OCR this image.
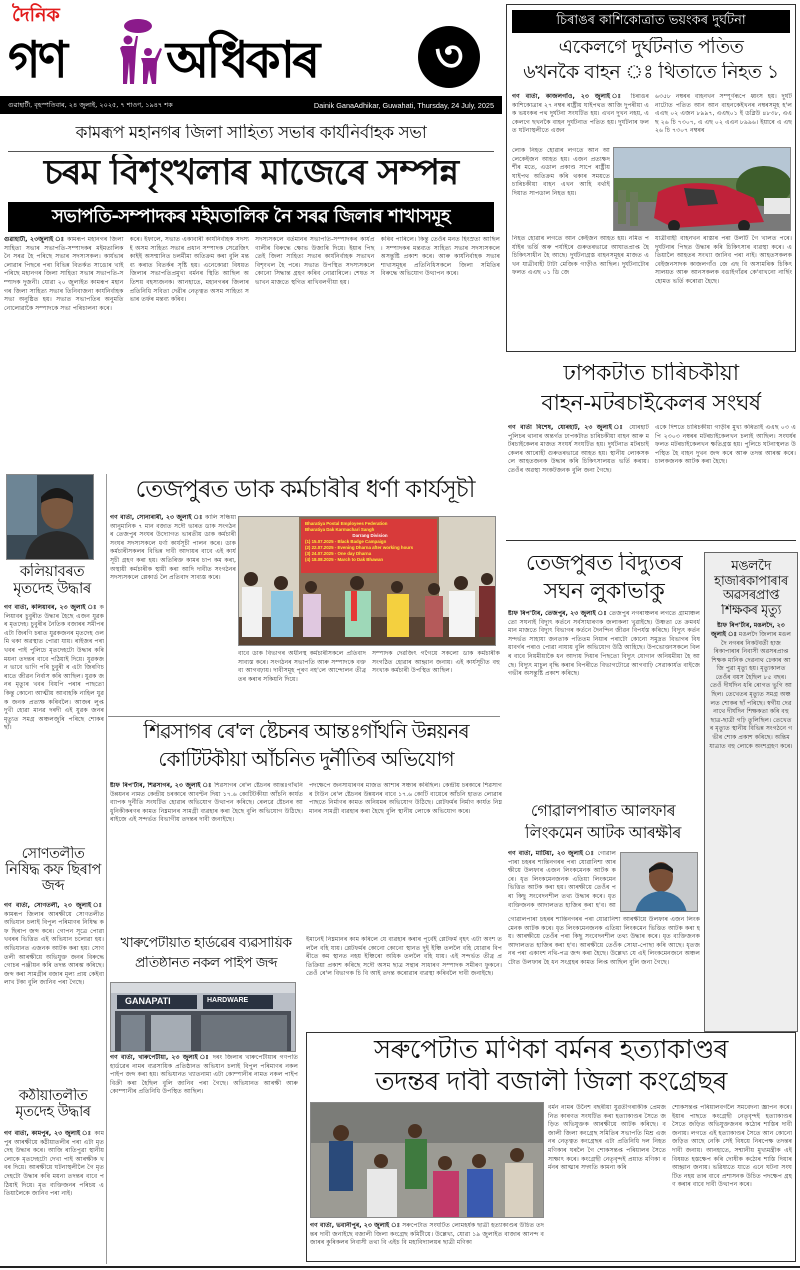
দৈনিক
গণ অধিকাৰ	৩
গুৱাহাটী, বৃহস্পতিবাৰ, ২৪ জুলাই, ২০২৫, ৭ শাওণ, ১৯৪৭ শক	Dainik GanaAdhikar, Guwahati, Thursday, 24 July, 2025
কামৰূপ মহানগৰ জিলা সাহিত্য সভাৰ কাৰ্যনিৰ্বাহক সভা
চৰম বিশৃংখলাৰ মাজেৰে সম্পন্ন
সভাপতি-সম্পাদকৰ মইমতালিক নৈ সৰৱ জিলাৰ শাখাসমূহ
গুৱাহাটী, ২৩জুলাই ঃ কামৰূপ মহানগৰ জিলা সাহিত্য সভাৰ সভাপতি-সম্পাদকৰ মইমতালিক নৈ সৰৱ হৈ পৰিছে সভাৰ সদস্যসকল। কাৰ্যভাৰ লোৱাৰ পিছৰে পৰা বিভিন্ন বিতৰ্কত সাঙোৰ খাই পৰিছে মহানগৰ জিলা সাহিত্য সভাৰ সভাপতি-সম্পাদক দুজনী। যোৱা ২০ জুলাইত কামৰূপ মহানগৰ জিলা সাহিত্য সভাৰ তিনিবাজনা কাৰ্যনিৰ্বাহক সভা অনুষ্ঠিত হয়। সভাত সভাপতিৰ অনুমতি নোলোৱাকৈ সম্পাদকে সভা পৰিচালনা কৰে।
কৰে। ইফালে, সভাত একাবাৰী কাৰ্যনিৰ্বাহক সদস্যই অসম সাহিত্য সভাৰ প্ৰধান সম্পাদক সেৱেজিৎ কাইই অসম্মানিত চলৰ্মীমা অতিক্ৰম কৰা বুলি মন্তব্য কৰাত বিতৰ্কৰ সৃষ্টি হয়। এনেকোৱা বিষয়ত জিলাৰ সভাপতিপ্ৰমুখ্য বৰ্মনৰ স্থিতি আছিল অতিশয় বহস্যজনক। আনহাতে, মহানগৰৰ জিলাৰ প্ৰতিনিধি সবিতা দেৱীৰ নেতৃত্বত অসম সাহিত্য সভাৰ তৰ্ফৰ মন্তব্য কৰিব।
সদস্যসকলে বৰ্তমানৰ সভাপতি-সম্পাদকৰ কাৰ্যপ্ৰণালীৰ বিৰুদ্ধে ক্ষোভ উজাৰি দিয়ে। ইয়াৰ পিছতেই জিলা সাহিত্য সভাৰ কাৰ্যনিৰ্বাহক সভাখন বিশৃংখল হৈ পৰে। সভাত উপস্থিত সদস্যসকলে কোনো সিদ্ধান্ত গ্ৰহণ কৰিব নোৱাৰিলে। শেষত সভাখন মাজতে স্থগিত ৰাখিবলগীয়া হয়।
কৰিব পাৰিলে। কিন্তু তেওঁৰ মনত হিংস্ৰতা আছিল। সম্পাদকৰ মন্তব্যত সাহিত্য সভাৰ সদস্যসকলে অসন্তুষ্টি প্ৰকাশ কৰে। আৰু কাৰ্যনিৰ্বাহক সভাৰ শাখাসমূহৰ প্ৰতিনিধিসকলে জিলা সমিতিৰ বিৰুদ্ধে অভিযোগ উত্থাপন কৰে।
কলিয়াবৰত মৃতদেহ উদ্ধাৰ
গণ বাৰ্তা, কলিয়াবৰ, ২৩ জুলাই ঃ কলিয়াবৰ চুবুৰীত উদ্ধাৰ হৈছে এজন যুৱকৰ মৃতদেহ। চুবুৰীৰ নৈতিক বজাৰৰ সমীপৰ এটা জিৰণি চৰাত যুৱকজনৰ মৃতদেহ ওলমি থকা অৱস্থাত পোৱা যায়। ৰাইজৰ পৰা খবৰ পাই পুলিচে মৃতদেহটো উদ্ধাৰ কৰি ময়না তদন্তৰ বাবে পঠিয়াই দিয়ে। যুৱকজন ভাবে ভাগি পৰি চুবুৰী ৰ এটা জিৰণিচৰাতে জীৱন নিৰ্বাস কৰি আছিল। যুৱক জনৰ মৃত্যুৰ খবৰ বিয়পি পৰাৰ পাছতো কিন্তু কোনো আত্মীয় আবাহকি নাহিল যুৱক জনক প্ৰত্যক্ষ কৰিবলৈ। আজৰ লুপ্ত দুখী হোৱা মানৱ দৰদী এই যুৱক জনৰ মৃত্যুত সমগ্ৰ অঞ্চলজুৰি পৰিছে শোকৰ ছাঁ।
সোণতলীত নিষিদ্ধ কফ ছিৰাপ জব্দ
গণ বাৰ্তা, সোণতলী, ২৩ জুলাই ঃ কামৰূপ জিলাৰ আৰক্ষীয়ে সোণতলীত অভিযান চলাই বিপুল পৰিমাণৰ নিষিদ্ধ কফ ছিৰাপ জব্দ কৰে। গোপন সূত্ৰে পোৱা খবৰৰ ভিত্তিত এই অভিযান চলোৱা হয়। অভিযানত এজনক আটক কৰা হয়। সোণতলী আৰক্ষীয়ে অভিযুক্ত জনৰ বিৰুদ্ধে গোচৰ পঞ্জীয়ন কৰি তদন্ত আৰম্ভ কৰিছে। জব্দ কৰা সামগ্ৰীৰ বজাৰ মূল্য প্ৰায় কেইবা লাখ টকা বুলি জানিব পৰা গৈছে।
কঠীয়াতলীত মৃতদেহ উদ্ধাৰ
গণ বাৰ্তা, কামপুৰ, ২৩ জুলাই ঃ কামপুৰ আৰক্ষীয়ে কঠীয়াতলীৰ পৰা এটা মৃতদেহ উদ্ধাৰ কৰে। আজি ৰাতিপুৱা স্থানীয় লোকে মৃতদেহটো দেখা পাই আৰক্ষীক খবৰ দিয়ে। আৰক্ষীয়ে ঘটনাস্থলীলৈ গৈ মৃতদেহটো উদ্ধাৰ কৰি ময়না তদন্তৰ বাবে পঠিয়াই দিয়ে। মৃত ব্যক্তিজনৰ পৰিচয় এতিয়ালৈকে জানিব পৰা নাই।
তেজপুৰত ডাক কৰ্মচাৰীৰ ধৰ্ণা কাৰ্যসূচী
গণ বাৰ্তা, সোনাৰাৰী, ২৩ জুলাই ঃ কালি সন্ধিয়া আনুমানিক ৭ মান বজাত সদৌ ভাৰত ডাক সংগঠনৰ তেজপুৰ সংঘৰ উদ্যোগত ভাৰতীয় ডাক কৰ্মচাৰী সংঘৰ সদস্যসকলে ধৰ্ণা কাৰ্যসূচী পালন কৰে। ডাক কৰ্মচাৰীসকলৰ বিভিন্ন দাবী আদায়ৰ বাবে এই কাৰ্যসূচী গ্ৰহণ কৰা হয়। অতিৰিক্ত কামৰ চাপ কম কৰা, অস্থায়ী কৰ্মচাৰীক স্থায়ী কৰা আদি দাবীত সংগঠনৰ সদস্যসকলে প্লেকাৰ্ড লৈ প্ৰতিবাদ সাব্যস্ত কৰে।
Bharatiya Postal Employees Federation
Bharatiya Dak Karmachari Sangh
Darrang Division
(1) 15.07.2025 - Black Badge Campaign
(2) 22.07.2025 - Evening Dharna after working hours
(3) 24.07.2025 - One day Dharna
(4) 18.08.2025 - March to Dak Bhawan
বাবে ডাক বিভাগৰ অধীনস্থ কৰ্মচাৰীসকলে প্ৰতিবাদ সাব্যস্ত কৰে। সংগঠনৰ সভাপতি আৰু সম্পাদকে বক্তব্য আগবঢ়ায়। দাবীসমূহ পূৰণ নহ'লে আন্দোলন তীব্ৰতৰ কৰাৰ সকিয়নি দিয়ে।
সম্পাদক দেৱজিৎ গগৈয়ে সকলো ডাক কৰ্মচাৰীক সংগঠিত হোৱাৰ আহ্বান জনায়। এই কাৰ্যসূচীত বহু সংখ্যক কৰ্মচাৰী উপস্থিত আছিল।
শিৱসাগৰ ৰে'ল ষ্টেচনৰ আন্তঃগাঁথনি উন্নয়নৰ
কোটিটকীয়া আঁচনিত দুৰ্নীতিৰ অভিযোগ
ষ্টাফ ৰিপ'ৰ্টাৰ, শিৱসাগৰ, ২৩ জুলাই ঃ শিৱসাগৰ ৰে'ল ষ্টেচনৰ আন্তঃগাঁথনি উন্নয়নৰ নামত কেন্দ্ৰীয় চৰকাৰে আবণ্টন দিয়া ১৭.৬ কোটিটকীয়া আঁচনি কাৰ্যত ব্যাপক দুৰ্নীতি সংঘটিত হোৱাৰ অভিযোগ উত্থাপন কৰিছে। ৰেলৱে ষ্টেচনৰ আধুনিকীকৰণৰ কামত নিম্নমানৰ সামগ্ৰী ব্যৱহাৰ কৰা হৈছে বুলি অভিযোগ উঠিছে। ৰাইজে এই সন্দৰ্ভত বিভাগীয় তদন্তৰ দাবী জনাইছে।
পদক্ষেপে জনসাধাৰণৰ মাজত আশাৰ সঞ্চাৰ কৰিছিল। কেন্দ্ৰীয় চৰকাৰে শিৱসাগৰ টাউন ৰে'ল ষ্টেচনৰ উন্নয়নৰ বাবে ১৭.৬ কোটি ব্যয়েৰে আঁচনি হাতত লোৱাৰ পাছতে নিৰ্মাণৰ কামত অনিয়মৰ অভিযোগ উঠিছে। প্লেটফৰ্মৰ নিৰ্মাণ কাৰ্যত নিম্নমানৰ সামগ্ৰী ব্যৱহাৰ কৰা হৈছে বুলি স্থানীয় লোকে অভিযোগ কৰে।
খাৰুপেটীয়াত হাৰ্ডৱেৰ ব্যৱসায়িক
প্ৰতিষ্ঠানত নকল পাইপ জব্দ
GANAPATI	HARDWARE
গণ বাৰ্তা, খাৰুপেটীয়া, ২৩ জুলাই ঃ দৰং জিলাৰ খাৰুপেটীয়াৰ গণপতি হাৰ্ডৱেৰ নামৰ ব্যৱসায়িক প্ৰতিষ্ঠানত অভিযান চলাই বিপুল পৰিমাণৰ নকল পাইপ জব্দ কৰা হয়। অভিযানত খ্যাতনামা এটা কোম্পানীৰ নামত নকল পাইপ বিক্ৰী কৰা হৈছিল বুলি জানিব পৰা গৈছে। অভিযানত আৰক্ষী আৰু কোম্পানীৰ প্ৰতিনিধি উপস্থিত আছিল।
ইমানেই নিম্নমানৰ কাম কৰিলে যে ব্যৱহাৰ কৰাৰ পূৰ্বেই প্লেটফৰ্ম বৃহৎ এটা অংশ তললৈ বহি যায়। প্লেটফৰ্মৰ কোনো কোনো স্থানত দুই ইঞ্চি তললৈ বহি যোৱাৰ বিপৰীতে কম স্থানত নহয় ইঞ্চিৰো অধিক তললৈ বহি যায়। এই সন্দৰ্ভত তীব্ৰ প্ৰতিক্ৰিয়া প্ৰকাশ কৰিছে সদৌ অসম ছাত্ৰ সন্থাৰ সাধাৰণ সম্পাদক সমীৰণ ফুকনে। তেওঁ ৰে'ল বিভাগক চি বি আই তদন্ত কৰোৱাৰ ব্যৱস্থা কৰিবলৈ দাবী জনাইছে।
চিৰাঙৰ কাশিকোত্ৰাত ভয়ংকৰ দুৰ্ঘটনা
একেলগে দুৰ্ঘটনাত পতিত
৬খনকৈ বাহন ঃ থিতাতে নিহত ১
গণ বাৰ্তা, কাজলগাঁও, ২৩ জুলাই ঃ চিৰাঙৰ কাশিকোত্ৰাৰ ২৭ নম্বৰ ৰাষ্ট্ৰীয় ঘাইপথত আজি দুপৰীয়া এক ভয়ংকৰ পথ দুৰ্ঘটনা সংঘটিত হয়। এখন দুখন নহয়, একেলগে ছখনকৈ বাহন দুৰ্ঘটনাত পতিত হয়। দুৰ্ঘটনাৰ ফলত ঘটনাস্থলীতে এজন
৬৩৫৮ নম্বৰৰ বাহনখন সম্পূৰ্ণৰূপে ধ্বংস হয়। দুৰ্ঘটনাটোত পতিত আন আন বাহনকেইখনৰ নম্বৰসমূহ হ'ল এএছ ০২ এজন ৮৯৯৭, এএছ০১ ই ডব্লিউ ৪৮৩৮, এএছ ২৬ চি ৭৩০৭, এ এছ ০২ এএন ৮৯৯৬। ইয়াৰে এ এছ ২৬ চি ৭৩০৭ নম্বৰৰ
লোক নিহত হোৱাৰ লগতে আন আলেকেইজন আহত হয়। এজন প্ৰত্যক্ষদৰ্শীৰ মতে, এডাল প্ৰকাণ্ড সাপে ৰাষ্ট্ৰীয় ঘাইপথ অতিক্ৰম কৰি থকাৰ সময়তে চাৰিচকীয়া বাহন এখন আহি বৰ্থাই দিয়াত সাপডাল নিহত হয়।
নিহত হোৱাৰ লগতে আন কেইজন আহত হয়। নমিত পৰ্যাইৰ ভৰ্ত্তি অৰু পৰ্যাইৰে গুৰুতৰভাৱে আঘাতপ্ৰাপ্ত হৈ চিকিৎসাধীন হৈ আছে। দুৰ্ঘটনাগ্ৰস্ত বাহনসমূহৰ মাজত এখন যাত্ৰীবাহী টাটা মেজিক গাড়ীও আছিল। দুৰ্ঘটনাটোৰ ফলত এএছ ০১ ডি জে
যাত্ৰীবাহী বাহনখন ৰাস্তাৰ পৰা উলটি গৈ খালত পৰে। দুৰ্ঘটনাৰ পিছত উদ্ধাৰ কৰি চিকিৎসাৰ ব্যৱস্থা কৰে। এতিয়ালৈ আহতৰ সংখ্যা জানিব পৰা নাই। আহতসকলক বেইজনসাদক কাজলগাঁও জে এছ বি অসামৰিক চিকিৎসালয়ত আৰু আনসকলক বঙাইগাঁৱৰ কে'বাখনো নাৰ্ছিং হোমত ভৰ্তি কৰোৱা হৈছে।
ঢাপকটাত চাৰিচকীয়া
বাহন-মটৰচাইকেলৰ সংঘৰ্ষ
গণ বাৰ্তা বিশেষ, যোৰহাট, ২৩ জুলাই ঃ যোৰহাট পুলিচৰ থানাৰ অন্তৰ্গত ঢাপকটাত চাৰিচকীয়া বাহন আৰু মটৰচাইকেলৰ মাজত সংঘৰ্ষ সংঘটিত হয়। দুৰ্ঘটনাত মটৰচাইকেলৰ আৰোহী গুৰুতৰভাৱে আহত হয়। স্থানীয় লোকসকলে আহতজনক উদ্ধাৰ কৰি চিকিৎসালয়ত ভৰ্তি কৰায়। তেওঁৰ অৱস্থা সংকটজনক বুলি জনা গৈছে।
একে দিশতে চাৰিচকীয়া গাড়ীৰ মুখ্য কৰিতাই এএছ ০৩ এপি ২৩০৩ নম্বৰৰ মটৰচাইকেলখন চলাই আছিল। সংঘৰ্ষৰ ফলত মটৰচাইকেলখন ক্ষতিগ্ৰস্ত হয়। পুলিচে ঘটনাস্থলত উপস্থিত হৈ বাহন দুখন জব্দ কৰে আৰু তদন্ত আৰম্ভ কৰে। চালকজনক আটক কৰা হৈছে।
তেজপুৰত বিদ্যুতৰ
সঘন লুকাভাকু
ষ্টাফ ৰিপ'ৰ্টাৰ, তেজপুৰ, ২৩ জুলাই ঃ তেজপুৰ নগৰাঞ্চলৰ লগতে গ্ৰামাঞ্চলতো সঘনাই বিদ্যুৎ কৰ্তনে সৰ্বসাধাৰণক জলাকলা খুৱাইছে। উষ্ণতা তে ক্ৰমবৰ্ধমান মাজতে বিদ্যুৎ বিভাগৰ কৰ্তনে দৈনন্দিন জীৱন বিপৰ্যস্ত কৰিছে। বিদ্যুৎ কৰ্তন সন্দৰ্ভত সাহায্য জনতাক পতিতম নিয়াৰ পৰাটো কোনো সমুদ্ৰত বিভাগৰ বিষয়াবৰ্গৰ পৰাও পোৱা নাযায় বুলি অভিযোগ উঠি আহিছে। উপভোক্তাসকলে বিলৰ বাবে নিয়মীয়াকৈ ধন আদায় দিয়াৰ পিছতো বিদ্যুৎ যোগান অনিয়মীয়া হৈ আছে। বিদ্যুৎ মাচুল বৃদ্ধি কৰাৰ বিপৰীতে বিভাগটোৱে আগবাঢ়ি সেৱাকাৰ্যত বাইজে গভীৰ অসন্তুষ্টি প্ৰকাশ কৰিছে।
মঙলদৈ
হাজৰিকাপাৰাৰ
অৱসৰপ্ৰাপ্ত
শিক্ষকৰ মৃত্যু
ষ্টাফ ৰিপ'ৰ্টাৰ, মঙলদৈ, ২৩ জুলাই ঃ মঙলদৈ জিলাৰ মঙলদৈ নগৰৰ নিকটবৰ্তী হাজৰিকাপাৰাৰ নিবাসী অৱসৰপ্ৰাপ্ত শিক্ষক মানিক দেৱনাথ ঢেকাৰ আজি পুৱা মৃত্যু হয়। মৃত্যুকালত তেওঁৰ বয়স হৈছিল ৮৫ বছৰ। তেওঁ দীৰ্ঘদিন ধৰি ৰোগত ভুগি আছিল। তেখেতৰ মৃত্যুত সমগ্ৰ অঞ্চলত শোকৰ ছাঁ পৰিছে। স্বৰ্গীয় দেৱনাথে দীৰ্ঘদিন শিক্ষকতা কৰি বহু ছাত্ৰ-ছাত্ৰী গঢ়ি তুলিছিল। তেখেতৰ মৃত্যুত স্থানীয় বিভিন্ন সংগঠনে গভীৰ শোক প্ৰকাশ কৰিছে। অন্তিম যাত্ৰাত বহু লোকে অংশগ্ৰহণ কৰে।
গোৱালপাৰাত আলফাৰ
লিংকমেন আটক আৰক্ষীৰ
গণ বাৰ্তা, মাটিয়া, ২৩ জুলাই ঃ গোৱালপাৰা চহৰৰ শান্তিনগৰৰ পৰা যোৱানিশা আৰক্ষীয়ে উলফাৰ এজন লিংকমেনক আটক কৰে। ধৃত লিংকমেনজনক এতিয়া লিংকমেন ভিত্তিত আটক কৰা হয়। আৰক্ষীয়ে তেওঁৰ পৰা কিছু সংবেদনশীল তথ্য উদ্ধাৰ কৰে। ধৃত ব্যক্তিজনক আদালতত হাজিৰ কৰা হ'ব। আ
গোৱালপাৰা চহৰৰ শান্তিনগৰৰ পৰা যোৱানিশা আৰক্ষীয়ে উলফাৰ এজন লিংকমেনক আটক কৰে। ধৃত লিংকমেনজনক এতিয়া লিংকমেন ভিত্তিত আটক কৰা হয়। আৰক্ষীয়ে তেওঁৰ পৰা কিছু সংবেদনশীল তথ্য উদ্ধাৰ কৰে। ধৃত ব্যক্তিজনক আদালতত হাজিৰ কৰা হ'ব। আৰক্ষীয়ে তেওঁক সোধা-পোছা কৰি আছে। ধৃতজনৰ পৰা একাংশ নথি-পত্ৰ জব্দ কৰা হৈছে। উল্লেখ্য যে এই লিংকমেনজনে অঞ্চলটোত উলফাৰ হৈ ধন সংগ্ৰহৰ কামত লিপ্ত আছিল বুলি জনা গৈছে।
সৰুপেটাত মণিকা বৰ্মনৰ হত্যাকাণ্ডৰ
তদন্তৰ দাবী বজালী জিলা কংগ্ৰেছৰ
বৰ্মন নামৰ উনৈশ বছৰীয়া যুৱতীগৰাকীক প্ৰেমজনিত কাৰণত সংঘটিত কৰা হত্যাকাণ্ডৰ সৈতে জড়িত অভিযুক্তক আৰক্ষীয়ে আটক কৰিছে। বজালী জিলা কংগ্ৰেছ সমিতিৰ সভাপতি মিশ্ৰ এজনৰ নেতৃত্বত কংগ্ৰেছৰ এটা প্ৰতিনিধি দল নিহত মণিকাৰ ঘৰলৈ গৈ শোকসন্তপ্ত পৰিয়ালৰ সৈতে সাক্ষাৎ কৰে। কংগ্ৰেছী নেতৃবৃন্দই প্ৰয়াত মণিকা বৰ্মনৰ আত্মাৰ সদ্গতি কামনা কৰি
শোকসন্তপ্ত পৰিয়ালবৰ্গলৈ সমবেদনা জ্ঞাপন কৰে। ইয়াৰ পাছতে কংগ্ৰেছী নেতৃবৃন্দই হত্যাকাণ্ডৰ সৈতে জড়িত অভিযুক্তজনৰ কঠোৰ শাস্তিৰ দাবী জনায়। লগতে এই হত্যাকাণ্ডৰ সৈতে আন কোনো জড়িত আছে নেকি সেই বিষয়ে নিৰপেক্ষ তদন্তৰ দাবী জনায়। আনহাতে, সন্মানীয় মুখ্যমন্ত্ৰীক এই বিষয়ত হস্তক্ষেপ কৰি দোষীক কঠোৰ শাস্তি দিয়াৰ আহ্বান জনায়। ভৱিষ্যতে যাতে এনে ঘটনা সংঘটিত নহয় তাৰ বাবে প্ৰশাসনক উচিত পদক্ষেপ গ্ৰহণ কৰাৰ বাবে দাবী উত্থাপন কৰে।
গণ বাৰ্তা, ভবানীপুৰ, ২৩ জুলাই ঃ সৰুপেটাত সংঘটিত লোমহৰ্ষক ছাত্ৰী হত্যাকাণ্ডৰ উচিত তদন্তৰ দাবী জনাইছে বজালী জিলা কংগ্ৰেছ কমিটীয়ে। উল্লেখ্য, যোৱা ১৯ জুলাইত বাজাৰ আনন্দ বজাৰৰ কুৰিকলৰ নিবাসী তথা বি এইচ বি মহাবিদ্যালয়ৰ ছাত্ৰী মণিকা
